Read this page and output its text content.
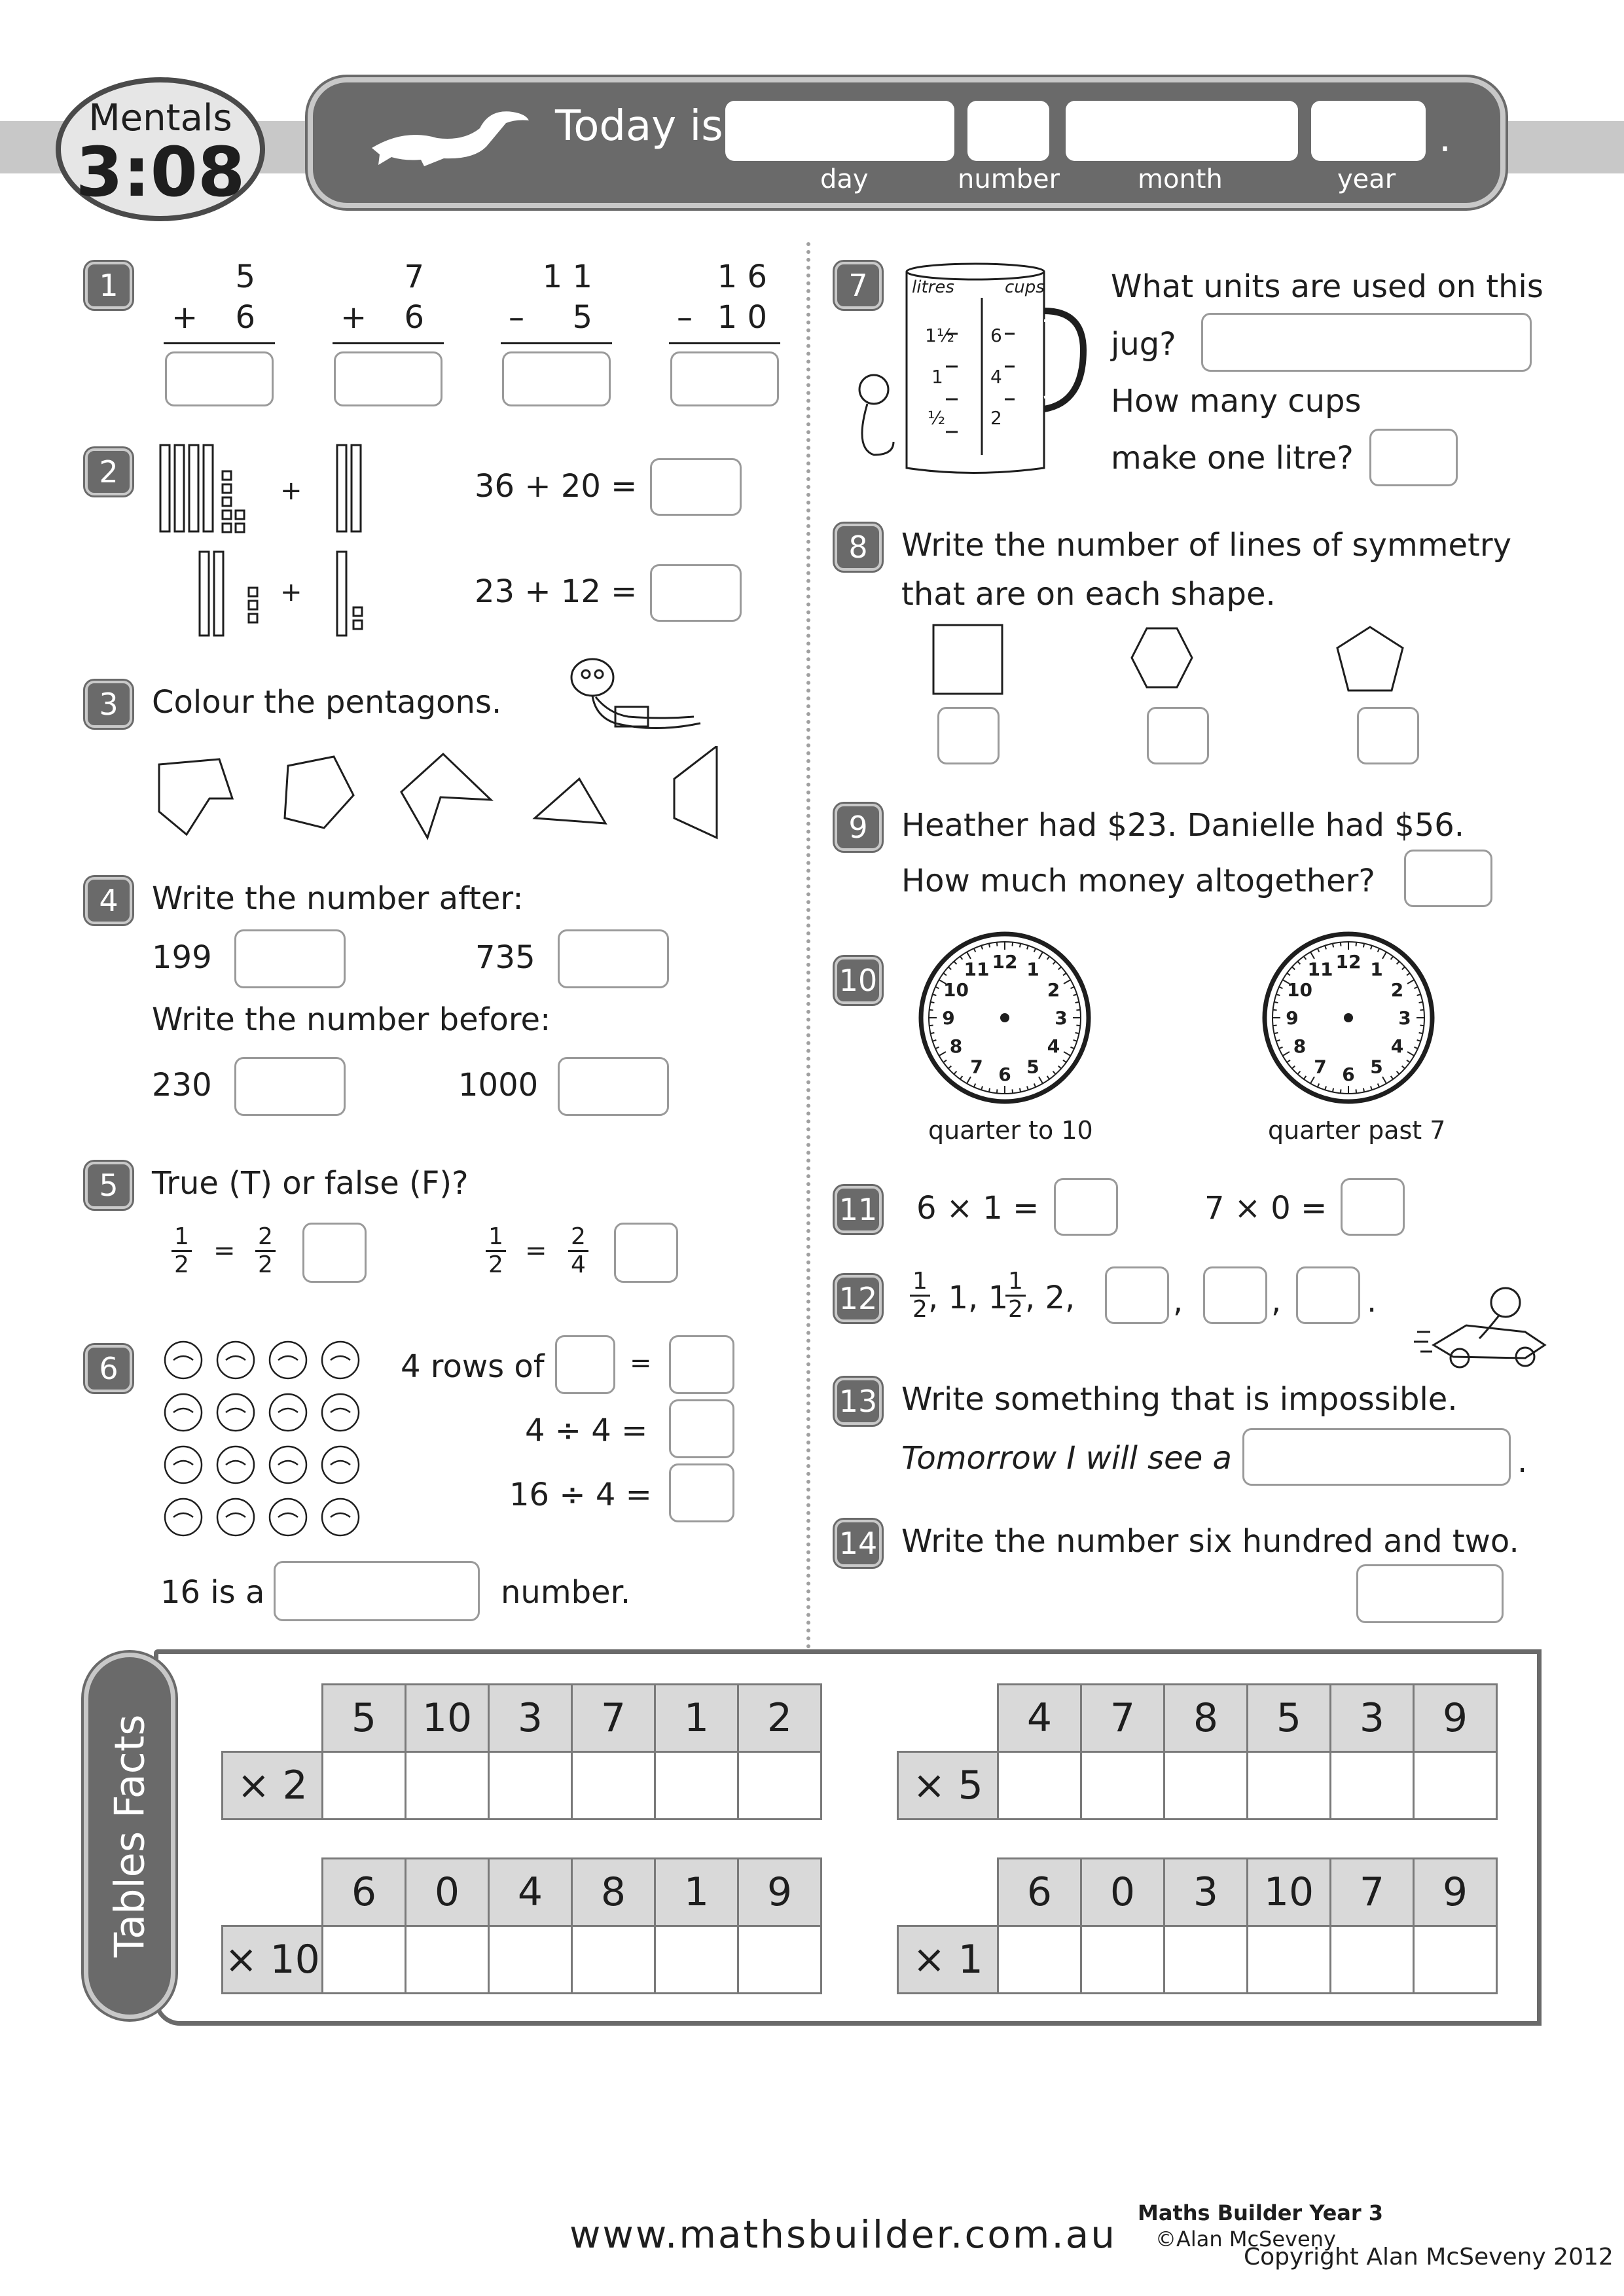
Mentals
3:08
Today is	.
day	number	month	year
1	5
+ 6
7
+ 6
1 1
– 5
1 6
– 1 0
2
+
+
36 + 20 =
23 + 12 =
3	Colour the pentagons.
4	Write the number after:
199	735
Write the number before:
230	1000
5	True (T) or false (F)?
$\frac{1}{2} = \frac{2}{2}$	$\frac{1}{2} = \frac{2}{4}$
6	4 rows of	=
4 ÷ 4 =
16 ÷ 4 =
16 is a	number.
7	litres	cups
1½
1
½
6
4
2
What units are used on this
jug?
How many cups
make one litre?
8	Write the number of lines of symmetry
that are on each shape.
9	Heather had $23. Danielle had $56.
How much money altogether?
10
12 1
2
3
4
5
6
7
8
9
10
11	12 1
2
3
4
5
6
7
8
9
10
11
quarter to 10	quarter past 7
11 6 × 1 =	7 × 0 =
$12 \frac{1}{2}$
, 1, 1
$\frac{1}{2}$ , 2,	,	,	.
13 Write something that is impossible.
Tomorrow I will see a	.
14 Write the number six hundred and two.
Tables Facts
		5	10	3	7	1	2
× 2						
	4	7	8	5	3	9
× 5						
	6	0	4	8	1	9
× 10						
	6	0	3	10	7	9
× 1						
www.mathsbuilder.com.au Maths Builder Year 3
©Alan McSeveny
Copyright Alan McSeveny 2012
